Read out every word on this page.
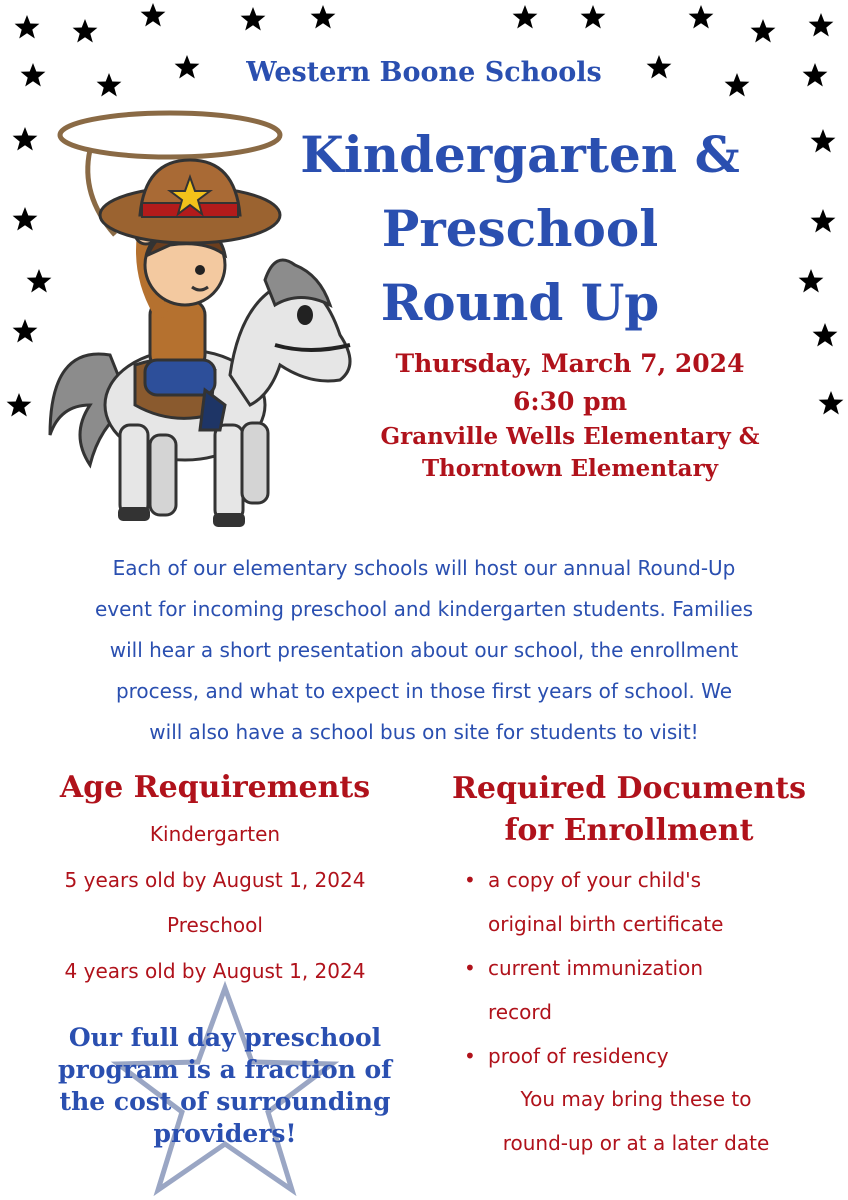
Western Boone Schools
Kindergarten &
Preschool
Round Up
Thursday, March 7, 2024
6:30 pm
Granville Wells Elementary &
Thorntown Elementary
Each of our elementary schools will host our annual Round-Up
event for incoming preschool and kindergarten students. Families
will hear a short presentation about our school, the enrollment
process, and what to expect in those first years of school. We
will also have a school bus on site for students to visit!
Age Requirements
Kindergarten
5 years old by August 1, 2024
Preschool
4 years old by August 1, 2024
Required Documents
for Enrollment
• a copy of your child's
original birth certificate
• current immunization
record
• proof of residency
You may bring these to
round-up or at a later date
Our full day preschool
program is a fraction of
the cost of surrounding
providers!
